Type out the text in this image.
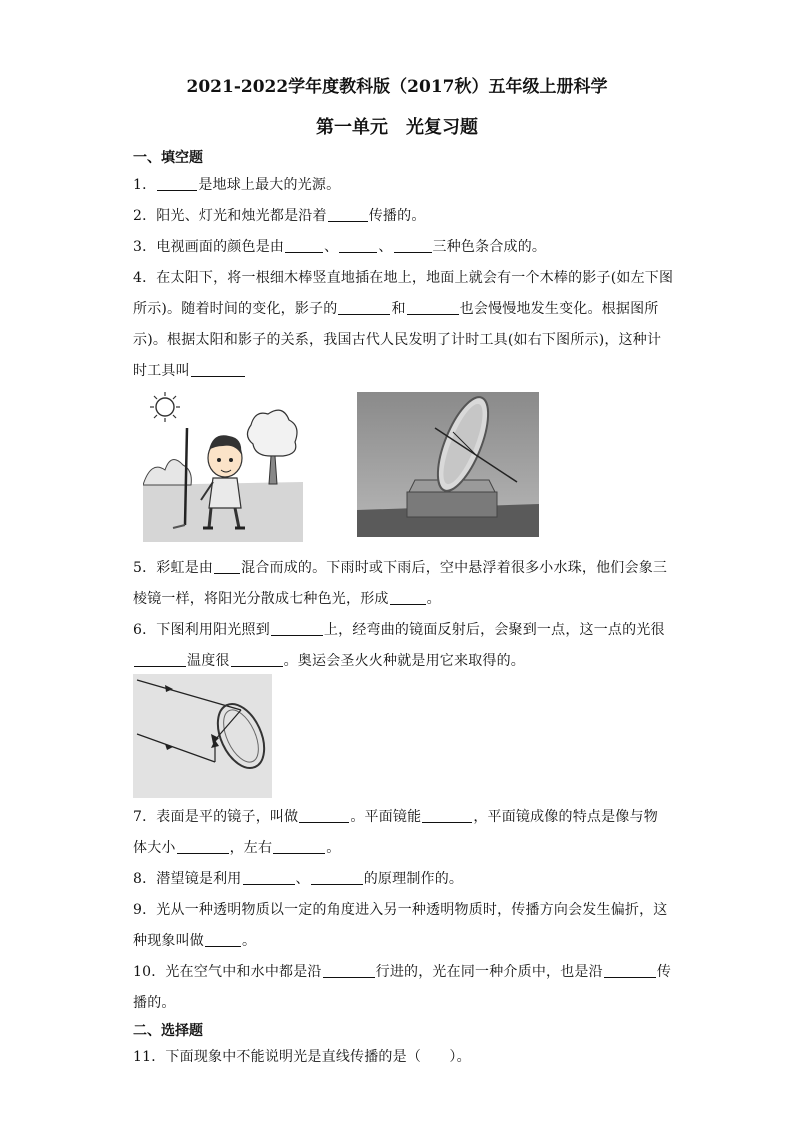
2021-2022学年度教科版（2017秋）五年级上册科学
第一单元　光复习题
一、填空题
1．	是地球上最大的光源。
2．阳光、灯光和烛光都是沿着	传播的。
3．电视画面的颜色是由	、	、	三种色条合成的。
4．在太阳下，将一根细木棒竖直地插在地上，地面上就会有一个木棒的影子(如左下图
所示)。随着时间的变化，影子的	和	也会慢慢地发生变化。根据图所
示)。根据太阳和影子的关系，我国古代人民发明了计时工具(如右下图所示)，这种计
时工具叫
5．彩虹是由 混合而成的。下雨时或下雨后，空中悬浮着很多小水珠，他们会象三
棱镜一样，将阳光分散成七种色光，形成	。
6．下图利用阳光照到	上，经弯曲的镜面反射后，会聚到一点，这一点的光很
温度很	。奥运会圣火火种就是用它来取得的。
7．表面是平的镜子，叫做	。平面镜能	，平面镜成像的特点是像与物
体大小	，左右	。
8．潜望镜是利用	、	的原理制作的。
9．光从一种透明物质以一定的角度进入另一种透明物质时，传播方向会发生偏折，这
种现象叫做	。
10．光在空气中和水中都是沿	行进的，光在同一种介质中，也是沿	传
播的。
二、选择题
11．下面现象中不能说明光是直线传播的是（　　）。
